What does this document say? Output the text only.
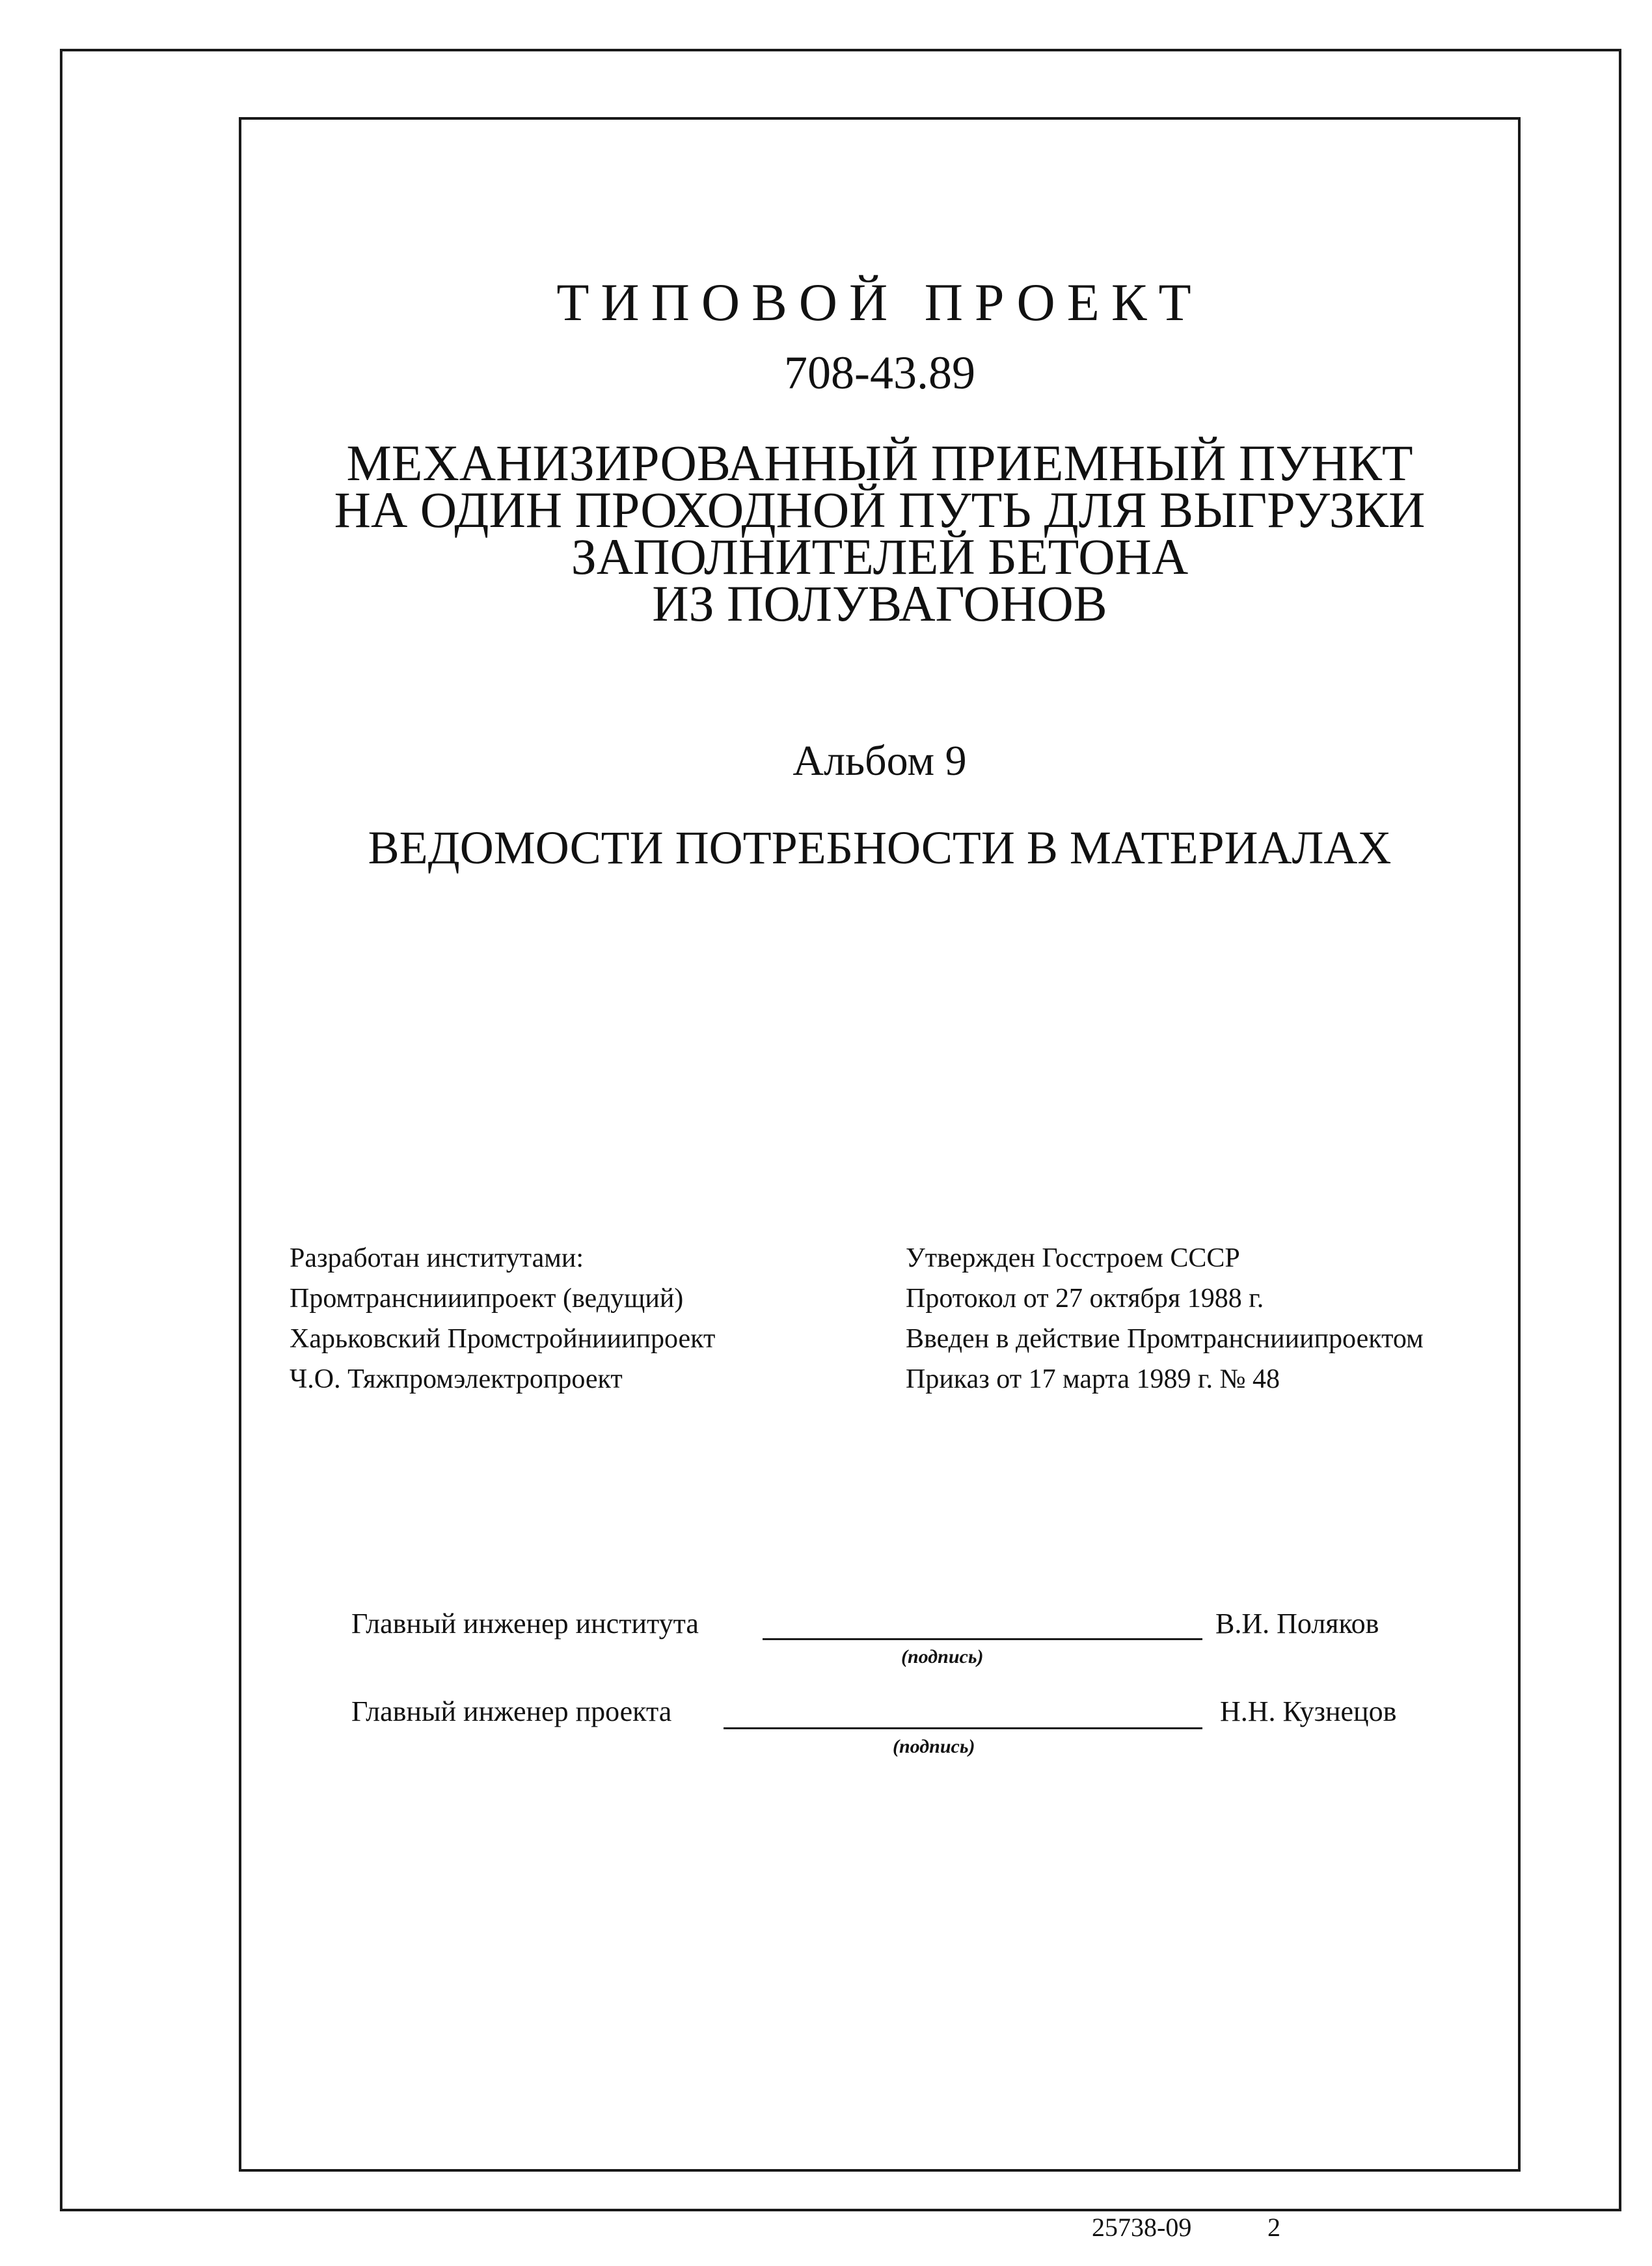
ТИПОВОЙ ПРОЕКТ
708-43.89
МЕХАНИЗИРОВАННЫЙ ПРИЕМНЫЙ ПУНКТ
НА ОДИН ПРОХОДНОЙ ПУТЬ ДЛЯ ВЫГРУЗКИ
ЗАПОЛНИТЕЛЕЙ БЕТОНА
ИЗ ПОЛУВАГОНОВ
Альбом 9
ВЕДОМОСТИ ПОТРЕБНОСТИ В МАТЕРИАЛАХ
Разработан институтами:
Промтранснииипроект (ведущий)
Харьковский Промстройнииипроект
Ч.О. Тяжпромэлектропроект
Утвержден Госстроем СССР
Протокол от 27 октября 1988 г.
Введен в действие Промтранснииипроектом
Приказ от 17 марта 1989 г. № 48
Главный инженер института
(подпись)
В.И. Поляков
Главный инженер проекта
(подпись)
Н.Н. Кузнецов
25738-09	2
